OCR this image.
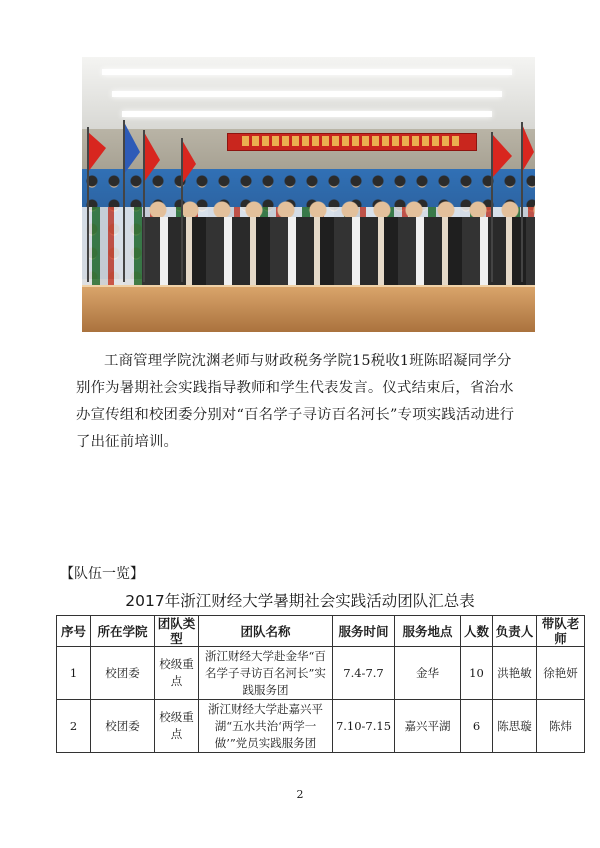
工商管理学院沈渊老师与财政税务学院15税收1班陈昭凝同学分别作为暑期社会实践指导教师和学生代表发言。仪式结束后，省治水办宣传组和校团委分别对“百名学子寻访百名河长”专项实践活动进行了出征前培训。

【队伍一览】

2017年浙江财经大学暑期社会实践活动团队汇总表

序号	所在学院	团队类型	团队名称	服务时间	服务地点	人数	负责人	带队老师
1	校团委	校级重点	浙江财经大学赴金华“百名学子寻访百名河长”实践服务团	7.4-7.7	金华	10	洪艳敏	徐艳妍
2	校团委	校级重点	浙江财经大学赴嘉兴平湖“五水共治‘两学一做’”党员实践服务团	7.10-7.15	嘉兴平湖	6	陈思璇	陈炜

2
